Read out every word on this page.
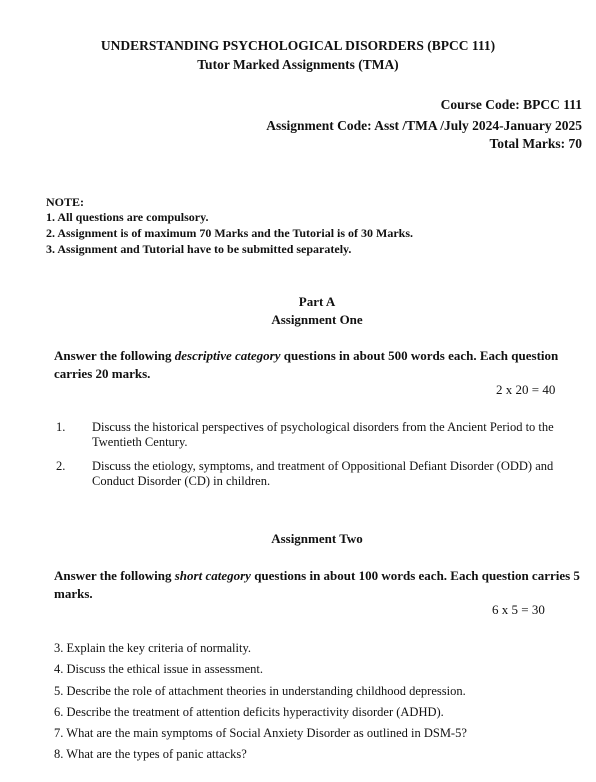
UNDERSTANDING PSYCHOLOGICAL DISORDERS (BPCC 111)
Tutor Marked Assignments (TMA)
Course Code: BPCC 111
Assignment Code: Asst /TMA /July 2024-January 2025
Total Marks: 70
NOTE:
1. All questions are compulsory.
2. Assignment is of maximum 70 Marks and the Tutorial is of 30 Marks.
3. Assignment and Tutorial have to be submitted separately.
Part A
Assignment One
Answer the following descriptive category questions in about 500 words each. Each question carries 20 marks.
2 x 20 = 40
1. Discuss the historical perspectives of psychological disorders from the Ancient Period to the Twentieth Century.
2. Discuss the etiology, symptoms, and treatment of Oppositional Defiant Disorder (ODD) and Conduct Disorder (CD) in children.
Assignment Two
Answer the following short category questions in about 100 words each. Each question carries 5 marks.
6 x 5 = 30
3. Explain the key criteria of normality.
4. Discuss the ethical issue in assessment.
5. Describe the role of attachment theories in understanding childhood depression.
6. Describe the treatment of attention deficits hyperactivity disorder (ADHD).
7. What are the main symptoms of Social Anxiety Disorder as outlined in DSM-5?
8. What are the types of panic attacks?
